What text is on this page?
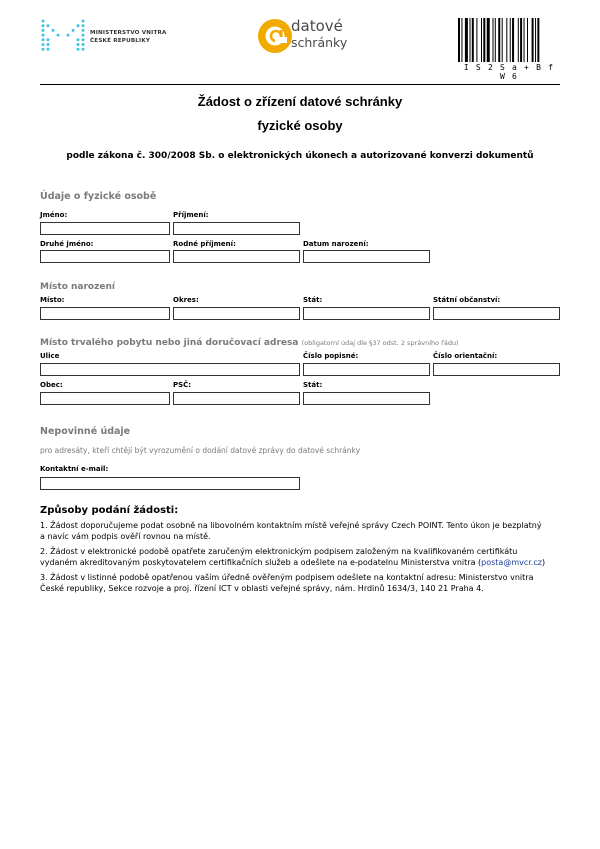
MINISTERSTVO VNITRA
ČESKÉ REPUBLIKY
datové
schránky
I S 2 S a + B f W 6
Žádost o zřízení datové schránky
fyzické osoby
podle zákona č. 300/2008 Sb. o elektronických úkonech a autorizované konverzi dokumentů
Údaje o fyzické osobě
Jméno:	Příjmení:
Druhé jméno:	Rodné příjmení:	Datum narození:
Místo narození
Místo:	Okres:	Stát:	Státní občanství:
Místo trvalého pobytu nebo jiná doručovací adresa (obligatorní údaj dle §37 odst. 2 správního řádu)
Ulice	Číslo popisné:	Číslo orientační:
Obec:	PSČ:	Stát:
Nepovinné údaje
pro adresáty, kteří chtějí být vyrozumění o dodání datové zprávy do datové schránky
Kontaktní e-mail:
Způsoby podání žádosti:
1. Žádost doporučujeme podat osobně na libovolném kontaktním místě veřejné správy Czech POINT. Tento úkon je bezplatný
a navíc vám podpis ověří rovnou na místě.
2. Žádost v elektronické podobě opatřete zaručeným elektronickým podpisem založeným na kvalifikovaném certifikátu
vydaném akreditovaným poskytovatelem certifikačních služeb a odešlete na e-podatelnu Ministerstva vnitra (posta@mvcr.cz)
3. Žádost v listinné podobě opatřenou vaším úředně ověřeným podpisem odešlete na kontaktní adresu: Ministerstvo vnitra
České republiky, Sekce rozvoje a proj. řízení ICT v oblasti veřejné správy, nám. Hrdinů 1634/3, 140 21 Praha 4.
